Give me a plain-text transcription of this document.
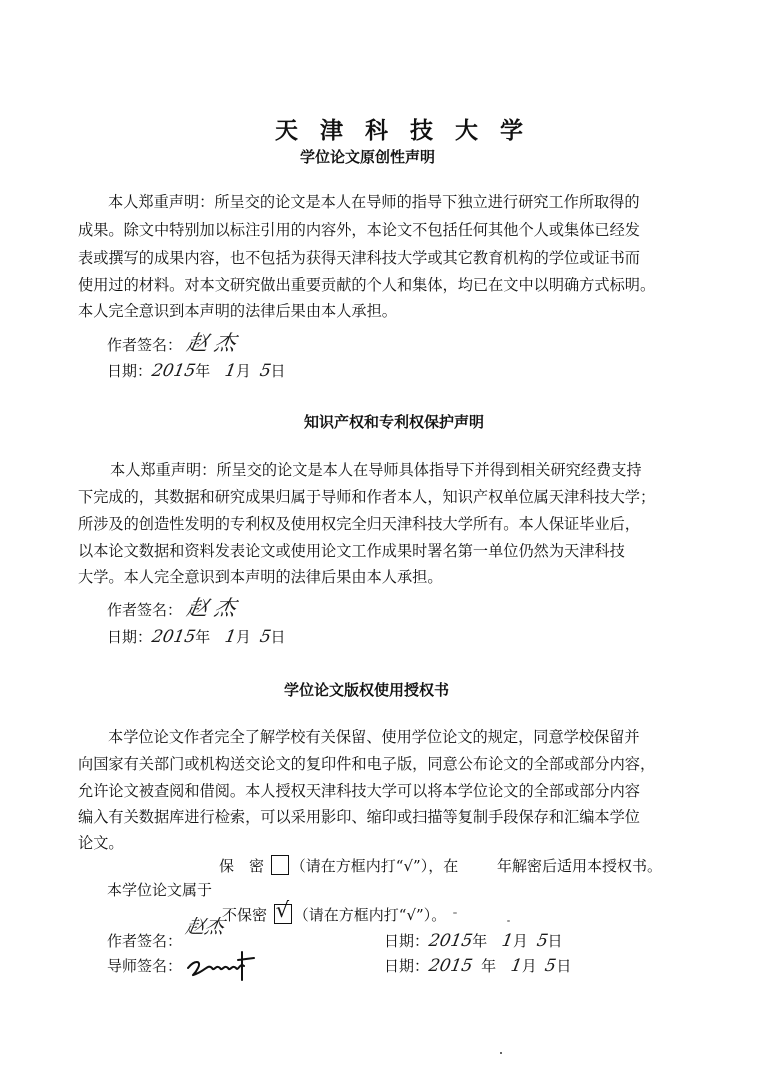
天 津 科 技 大 学
学位论文原创性声明
本人郑重声明：所呈交的论文是本人在导师的指导下独立进行研究工作所取得的
成果。除文中特别加以标注引用的内容外，本论文不包括任何其他个人或集体已经发
表或撰写的成果内容，也不包括为获得天津科技大学或其它教育机构的学位或证书而
使用过的材料。对本文研究做出重要贡献的个人和集体，均已在文中以明确方式标明。
本人完全意识到本声明的法律后果由本人承担。
作者签名： 赵 杰
日期：2015年 1月 5日
知识产权和专利权保护声明
本人郑重声明：所呈交的论文是本人在导师具体指导下并得到相关研究经费支持
下完成的，其数据和研究成果归属于导师和作者本人，知识产权单位属天津科技大学；
所涉及的创造性发明的专利权及使用权完全归天津科技大学所有。本人保证毕业后，
以本论文数据和资料发表论文或使用论文工作成果时署名第一单位仍然为天津科技
大学。本人完全意识到本声明的法律后果由本人承担。
作者签名： 赵 杰
日期：2015年 1月 5日
学位论文版权使用授权书
本学位论文作者完全了解学校有关保留、使用学位论文的规定，同意学校保留并
向国家有关部门或机构送交论文的复印件和电子版，同意公布论文的全部或部分内容，
允许论文被查阅和借阅。本人授权天津科技大学可以将本学位论文的全部或部分内容
编入有关数据库进行检索，可以采用影印、缩印或扫描等复制手段保存和汇编本学位
论文。
保　密 （请在方框内打“√”），在	年解密后适用本授权书。
本学位论文属于
不保密 √ （请在方框内打“√”）。
作者签名：
赵杰
日期：2015年 1月 5日
导师签名：	日期：2015 年 1月 5日
